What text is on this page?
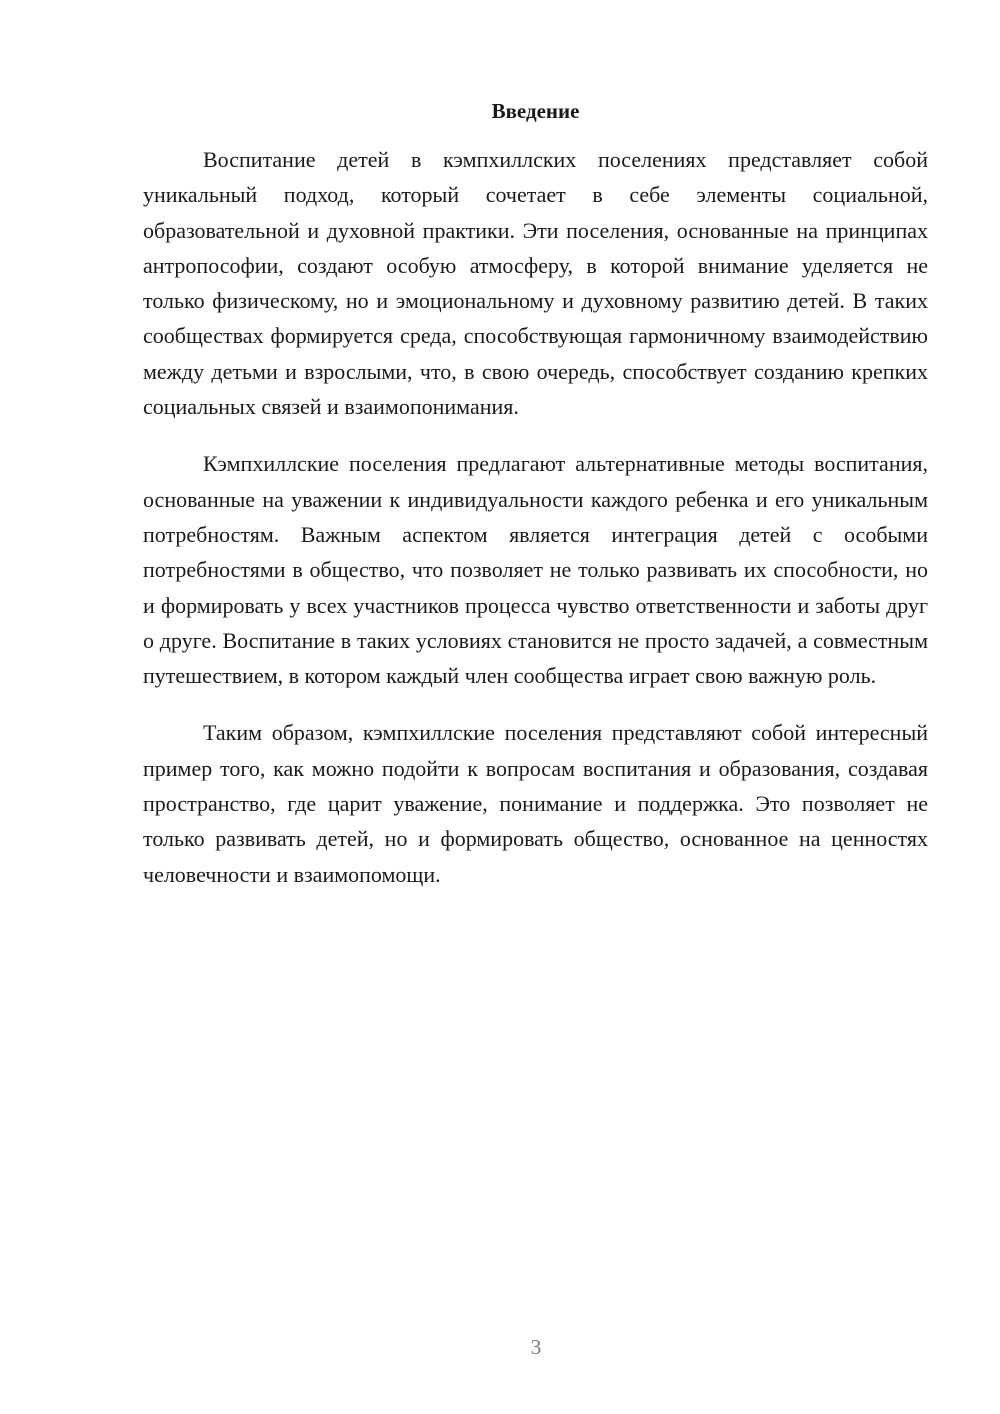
Введение

Воспитание детей в кэмпхиллских поселениях представляет собой уникальный подход, который сочетает в себе элементы социальной, образовательной и духовной практики. Эти поселения, основанные на принципах антропософии, создают особую атмосферу, в которой внимание уделяется не только физическому, но и эмоциональному и духовному развитию детей. В таких сообществах формируется среда, способствующая гармоничному взаимодействию между детьми и взрослыми, что, в свою очередь, способствует созданию крепких социальных связей и взаимопонимания.

Кэмпхиллские поселения предлагают альтернативные методы воспитания, основанные на уважении к индивидуальности каждого ребенка и его уникальным потребностям. Важным аспектом является интеграция детей с особыми потребностями в общество, что позволяет не только развивать их способности, но и формировать у всех участников процесса чувство ответственности и заботы друг о друге. Воспитание в таких условиях становится не просто задачей, а совместным путешествием, в котором каждый член сообщества играет свою важную роль.

Таким образом, кэмпхиллские поселения представляют собой интересный пример того, как можно подойти к вопросам воспитания и образования, создавая пространство, где царит уважение, понимание и поддержка. Это позволяет не только развивать детей, но и формировать общество, основанное на ценностях человечности и взаимопомощи.

3
